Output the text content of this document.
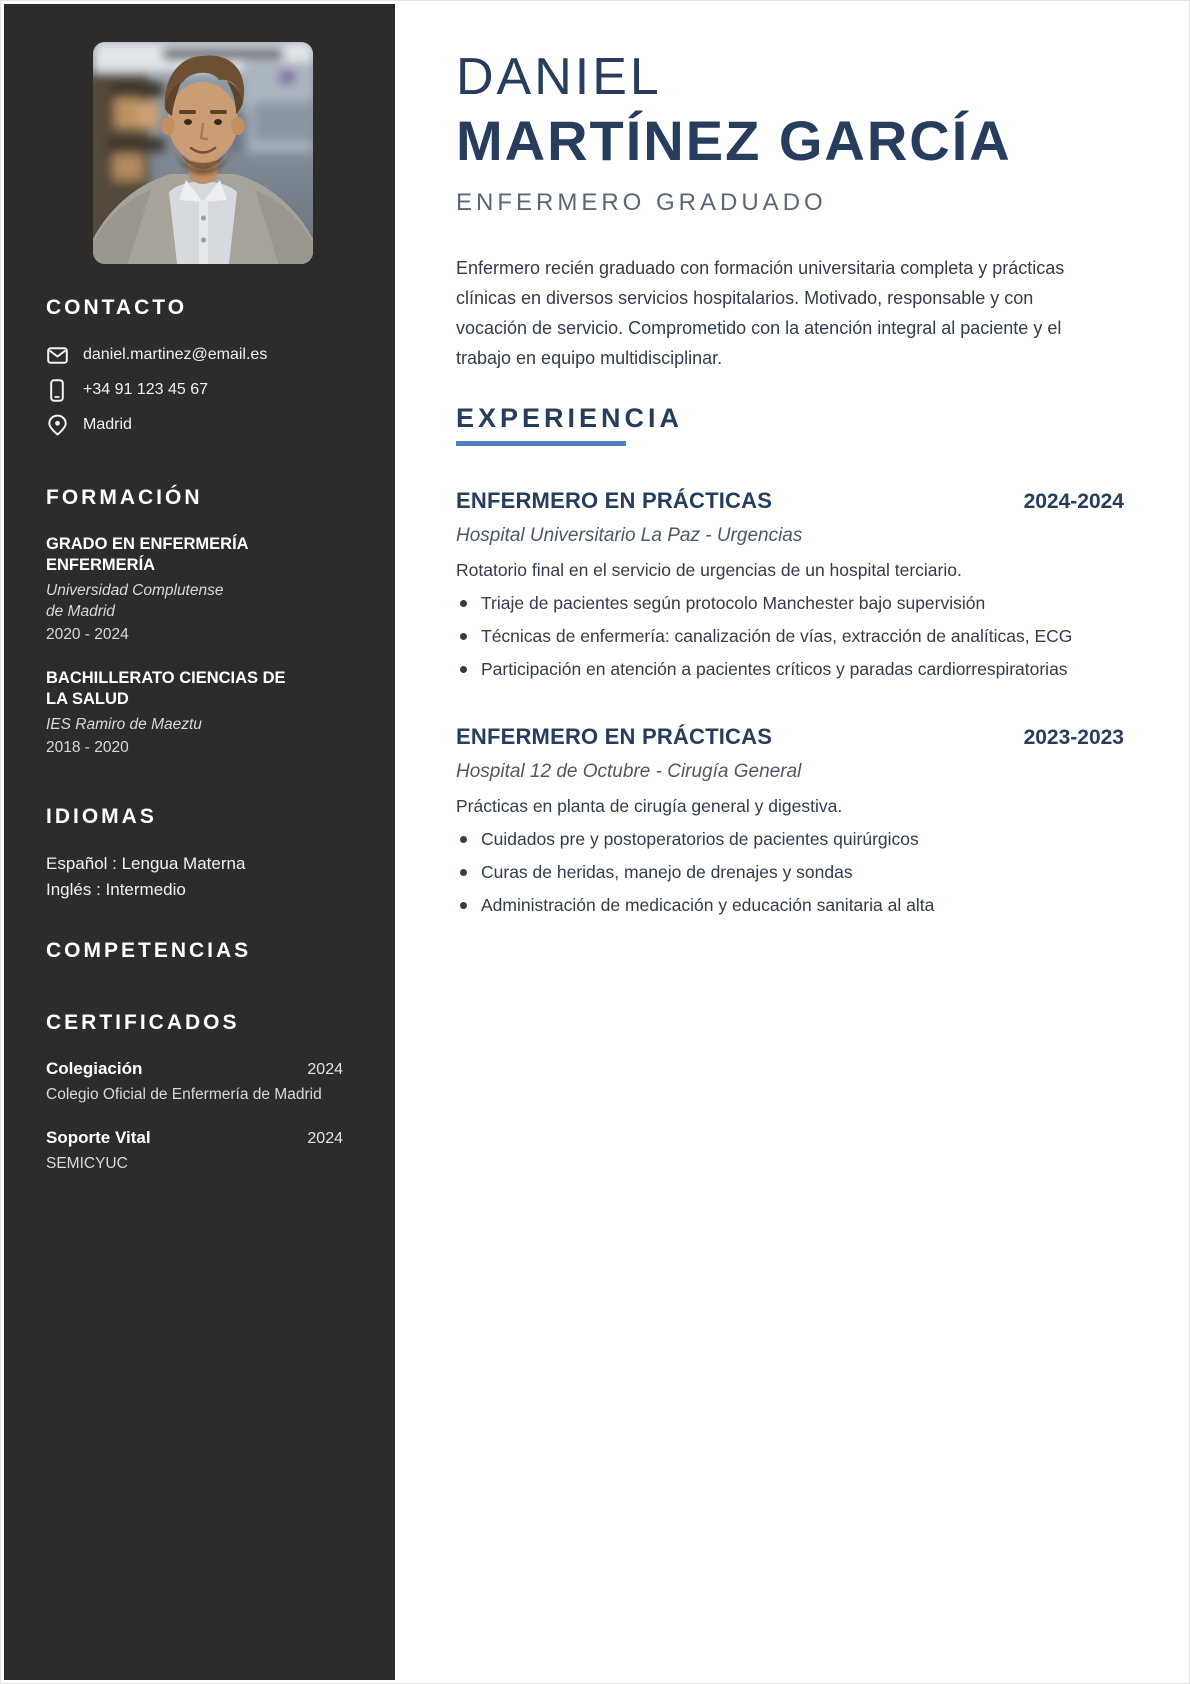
CONTACTO
daniel.martinez@email.es
+34 91 123 45 67
Madrid
FORMACIÓN
GRADO EN ENFERMERÍA ENFERMERÍA
Universidad Complutense de Madrid
2020 - 2024
BACHILLERATO CIENCIAS DE LA SALUD
IES Ramiro de Maeztu
2018 - 2020
IDIOMAS
Español : Lengua Materna
Inglés : Intermedio
COMPETENCIAS
CERTIFICADOS
Colegiación	2024
Colegio Oficial de Enfermería de Madrid
Soporte Vital	2024
SEMICYUC
DANIEL
MARTÍNEZ GARCÍA
ENFERMERO GRADUADO

Enfermero recién graduado con formación universitaria completa y prácticas clínicas en diversos servicios hospitalarios. Motivado, responsable y con vocación de servicio. Comprometido con la atención integral al paciente y el trabajo en equipo multidisciplinar.

EXPERIENCIA
ENFERMERO EN PRÁCTICAS	2024-2024
Hospital Universitario La Paz - Urgencias
Rotatorio final en el servicio de urgencias de un hospital terciario.
Triaje de pacientes según protocolo Manchester bajo supervisión
Técnicas de enfermería: canalización de vías, extracción de analíticas, ECG
Participación en atención a pacientes críticos y paradas cardiorrespiratorias
ENFERMERO EN PRÁCTICAS	2023-2023
Hospital 12 de Octubre - Cirugía General
Prácticas en planta de cirugía general y digestiva.
Cuidados pre y postoperatorios de pacientes quirúrgicos
Curas de heridas, manejo de drenajes y sondas
Administración de medicación y educación sanitaria al alta
